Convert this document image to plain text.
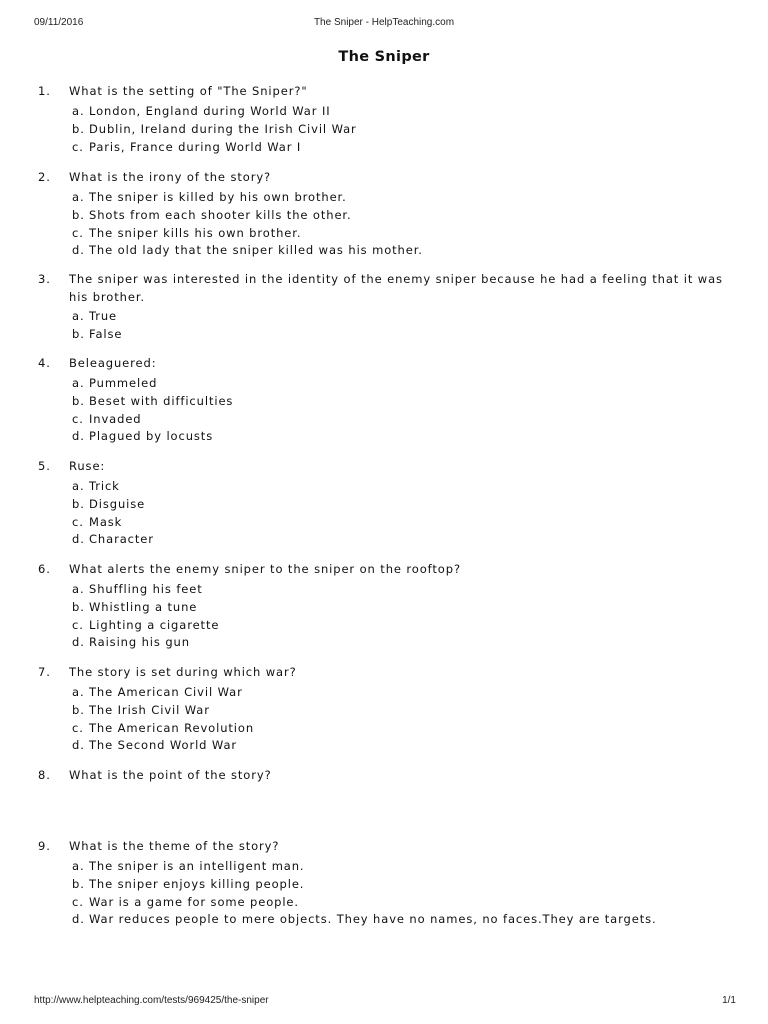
09/11/2016	The Sniper - HelpTeaching.com
The Sniper
1. What is the setting of "The Sniper?"
a. London, England during World War II
b. Dublin, Ireland during the Irish Civil War
c. Paris, France during World War I
2. What is the irony of the story?
a. The sniper is killed by his own brother.
b. Shots from each shooter kills the other.
c. The sniper kills his own brother.
d. The old lady that the sniper killed was his mother.
3. The sniper was interested in the identity of the enemy sniper because he had a feeling that it was his brother.
a. True
b. False
4. Beleaguered:
a. Pummeled
b. Beset with difficulties
c. Invaded
d. Plagued by locusts
5. Ruse:
a. Trick
b. Disguise
c. Mask
d. Character
6. What alerts the enemy sniper to the sniper on the rooftop?
a. Shuffling his feet
b. Whistling a tune
c. Lighting a cigarette
d. Raising his gun
7. The story is set during which war?
a. The American Civil War
b. The Irish Civil War
c. The American Revolution
d. The Second World War
8. What is the point of the story?
9. What is the theme of the story?
a. The sniper is an intelligent man.
b. The sniper enjoys killing people.
c. War is a game for some people.
d. War reduces people to mere objects. They have no names, no faces.They are targets.
http://www.helpteaching.com/tests/969425/the-sniper	1/1
